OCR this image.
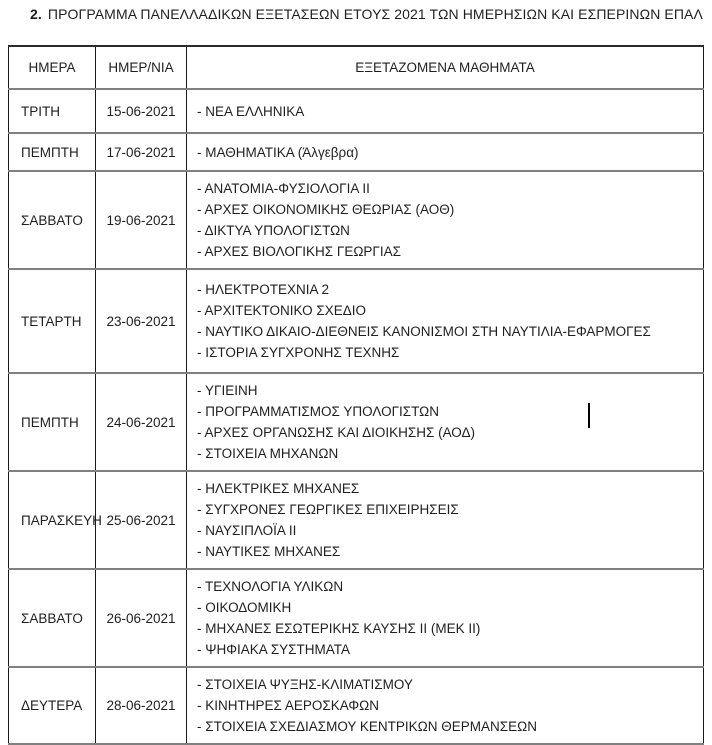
2. ΠΡΟΓΡΑΜΜΑ ΠΑΝΕΛΛΑΔΙΚΩΝ ΕΞΕΤΑΣΕΩΝ ΕΤΟΥΣ 2021 ΤΩΝ ΗΜΕΡΗΣΙΩΝ ΚΑΙ ΕΣΠΕΡΙΝΩΝ ΕΠΑΛ
ΗΜΕΡΑ	ΗΜΕΡ/ΝΙΑ	ΕΞΕΤΑΖΟΜΕΝΑ ΜΑΘΗΜΑΤΑ
ΤΡΙΤΗ	15-06-2021	- ΝΕΑ ΕΛΛΗΝΙΚΑ

ΠΕΜΠΤΗ	17-06-2021	- ΜΑΘΗΜΑΤΙΚΑ (Άλγεβρα)

ΣΑΒΒΑΤΟ	19-06-2021	- ΑΝΑΤΟΜΙΑ-ΦΥΣΙΟΛΟΓΙΑ II
- ΑΡΧΕΣ ΟΙΚΟΝΟΜΙΚΗΣ ΘΕΩΡΙΑΣ (ΑΟΘ)
- ΔΙΚΤΥΑ ΥΠΟΛΟΓΙΣΤΩΝ
- ΑΡΧΕΣ ΒΙΟΛΟΓΙΚΗΣ ΓΕΩΡΓΙΑΣ

ΤΕΤΑΡΤΗ	23-06-2021	- ΗΛΕΚΤΡΟΤΕΧΝΙΑ 2
- ΑΡΧΙΤΕΚΤΟΝΙΚΟ ΣΧΕΔΙΟ
- ΝΑΥΤΙΚΟ ΔΙΚΑΙΟ-ΔΙΕΘΝΕΙΣ ΚΑΝΟΝΙΣΜΟΙ ΣΤΗ ΝΑΥΤΙΛΙΑ-ΕΦΑΡΜΟΓΕΣ
- ΙΣΤΟΡΙΑ ΣΥΓΧΡΟΝΗΣ ΤΕΧΝΗΣ

ΠΕΜΠΤΗ	24-06-2021	- ΥΓΙΕΙΝΗ
- ΠΡΟΓΡΑΜΜΑΤΙΣΜΟΣ ΥΠΟΛΟΓΙΣΤΩΝ
- ΑΡΧΕΣ ΟΡΓΑΝΩΣΗΣ ΚΑΙ ΔΙΟΙΚΗΣΗΣ (ΑΟΔ)
- ΣΤΟΙΧΕΙΑ ΜΗΧΑΝΩΝ

ΠΑΡΑΣΚΕΥΗ	25-06-2021	- ΗΛΕΚΤΡΙΚΕΣ ΜΗΧΑΝΕΣ
- ΣΥΓΧΡΟΝΕΣ ΓΕΩΡΓΙΚΕΣ ΕΠΙΧΕΙΡΗΣΕΙΣ
- ΝΑΥΣΙΠΛΟΪΑ II
- ΝΑΥΤΙΚΕΣ ΜΗΧΑΝΕΣ

ΣΑΒΒΑΤΟ	26-06-2021	- ΤΕΧΝΟΛΟΓΙΑ ΥΛΙΚΩΝ
- ΟΙΚΟΔΟΜΙΚΗ
- ΜΗΧΑΝΕΣ ΕΣΩΤΕΡΙΚΗΣ ΚΑΥΣΗΣ II (ΜΕΚ II)
- ΨΗΦΙΑΚΑ ΣΥΣΤΗΜΑΤΑ

ΔΕΥΤΕΡΑ	28-06-2021	- ΣΤΟΙΧΕΙΑ ΨΥΞΗΣ-ΚΛΙΜΑΤΙΣΜΟΥ
- ΚΙΝΗΤΗΡΕΣ ΑΕΡΟΣΚΑΦΩΝ
- ΣΤΟΙΧΕΙΑ ΣΧΕΔΙΑΣΜΟΥ ΚΕΝΤΡΙΚΩΝ ΘΕΡΜΑΝΣΕΩΝ
